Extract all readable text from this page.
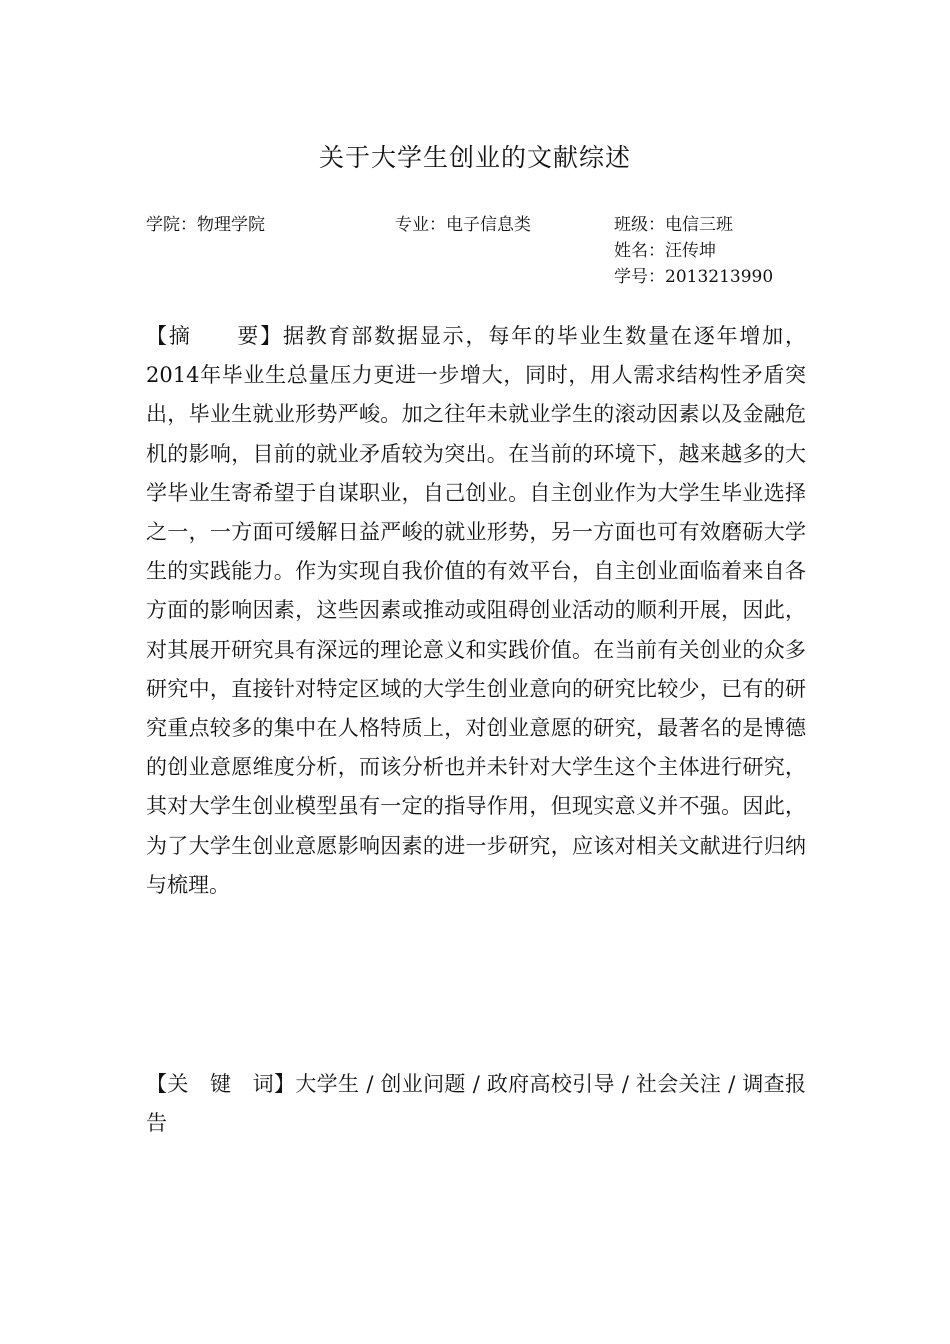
关于大学生创业的文献综述
学院：物理学院	专业：电子信息类	班级：电信三班
姓名：汪传坤
学号：2013213990
【摘　　要】据教育部数据显示，每年的毕业生数量在逐年增加，2014年毕业生总量压力更进一步增大，同时，用人需求结构性矛盾突出，毕业生就业形势严峻。加之往年未就业学生的滚动因素以及金融危机的影响，目前的就业矛盾较为突出。在当前的环境下，越来越多的大学毕业生寄希望于自谋职业，自己创业。自主创业作为大学生毕业选择之一，一方面可缓解日益严峻的就业形势，另一方面也可有效磨砺大学生的实践能力。作为实现自我价值的有效平台，自主创业面临着来自各方面的影响因素，这些因素或推动或阻碍创业活动的顺利开展，因此，对其展开研究具有深远的理论意义和实践价值。在当前有关创业的众多研究中，直接针对特定区域的大学生创业意向的研究比较少，已有的研究重点较多的集中在人格特质上，对创业意愿的研究，最著名的是博德的创业意愿维度分析，而该分析也并未针对大学生这个主体进行研究，其对大学生创业模型虽有一定的指导作用，但现实意义并不强。因此，为了大学生创业意愿影响因素的进一步研究，应该对相关文献进行归纳与梳理。
【关　键　词】大学生 / 创业问题 / 政府高校引导 / 社会关注 / 调查报告
